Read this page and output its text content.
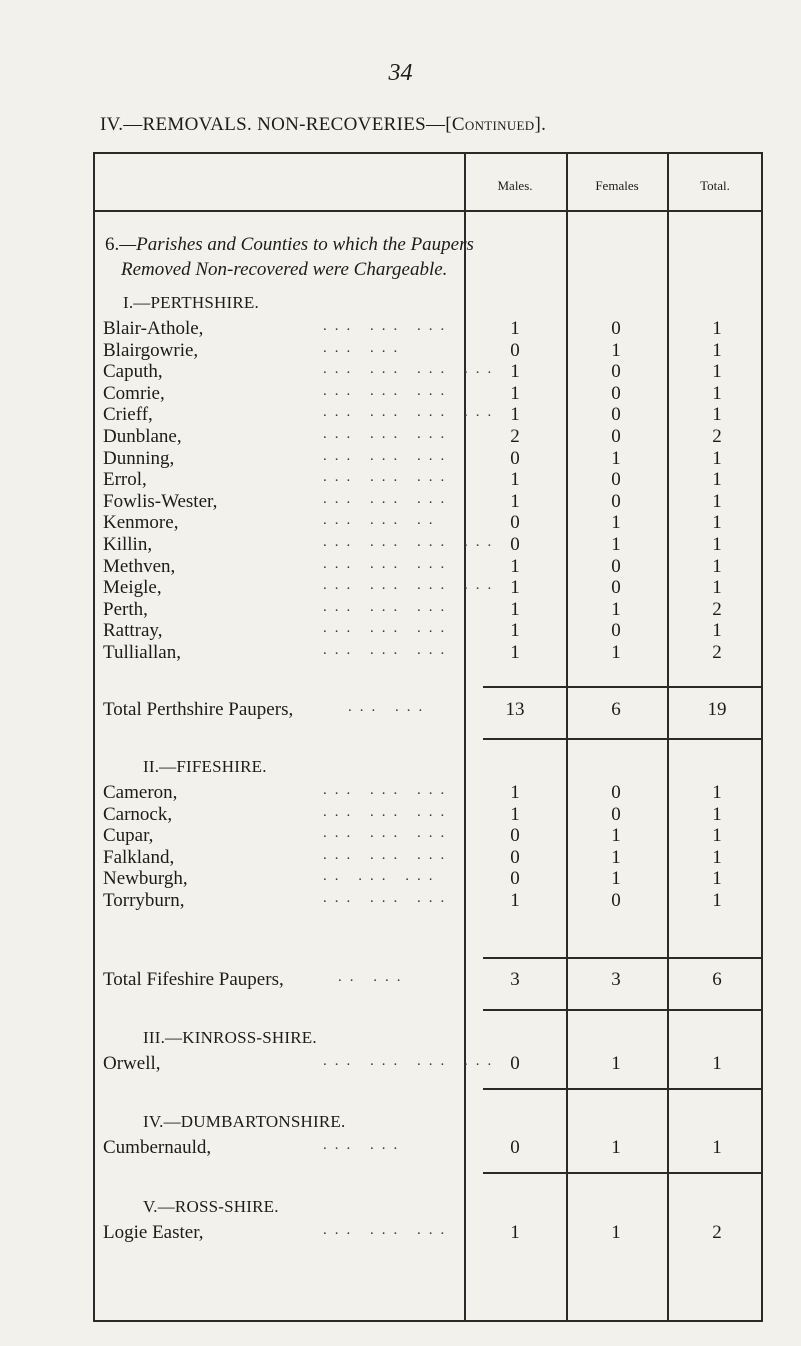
34
IV.—REMOVALS. NON-RECOVERIES—[Continued].
Males.	Females	Total.
6.—Parishes and Counties to which the Paupers
Removed Non-recovered were Chargeable.
I.—PERTHSHIRE.
Blair-Athole,	... ... ...	1	0	1
Blairgowrie,	... ...	0	1	1
Caputh,	... ... ... ... 1	0	1
Comrie,	... ... ...	1	0	1
Crieff,	... ... ... ... 1	0	1
Dunblane,	... ... ...	2	0	2
Dunning,	... ... ...	0	1	1
Errol,	... ... ...	1	0	1
Fowlis-Wester,	... ... ...	1	0	1
Kenmore,	... ... ..	0	1	1
Killin,	... ... ... ... 0	1	1
Methven,	... ... ...	1	0	1
Meigle,	... ... ... ... 1	0	1
Perth,	... ... ...	1	1	2
Rattray,	... ... ...	1	0	1
Tulliallan,	... ... ...	1	1	2
Total Perthshire Paupers,	... ...	13	6	19
II.—FIFESHIRE.
Cameron,	... ... ...	1	0	1
Carnock,	... ... ...	1	0	1
Cupar,	... ... ...	0	1	1
Falkland,	... ... ...	0	1	1
Newburgh,	.. ... ...	0	1	1
Torryburn,	... ... ...	1	0	1
Total Fifeshire Paupers,	.. ...	3	3	6
III.—KINROSS-SHIRE.
Orwell,	... ... ... ... 0	1	1
IV.—DUMBARTONSHIRE.
Cumbernauld,	... ...	0	1	1
V.—ROSS-SHIRE.
Logie Easter,	... ... ...	1	1	2
